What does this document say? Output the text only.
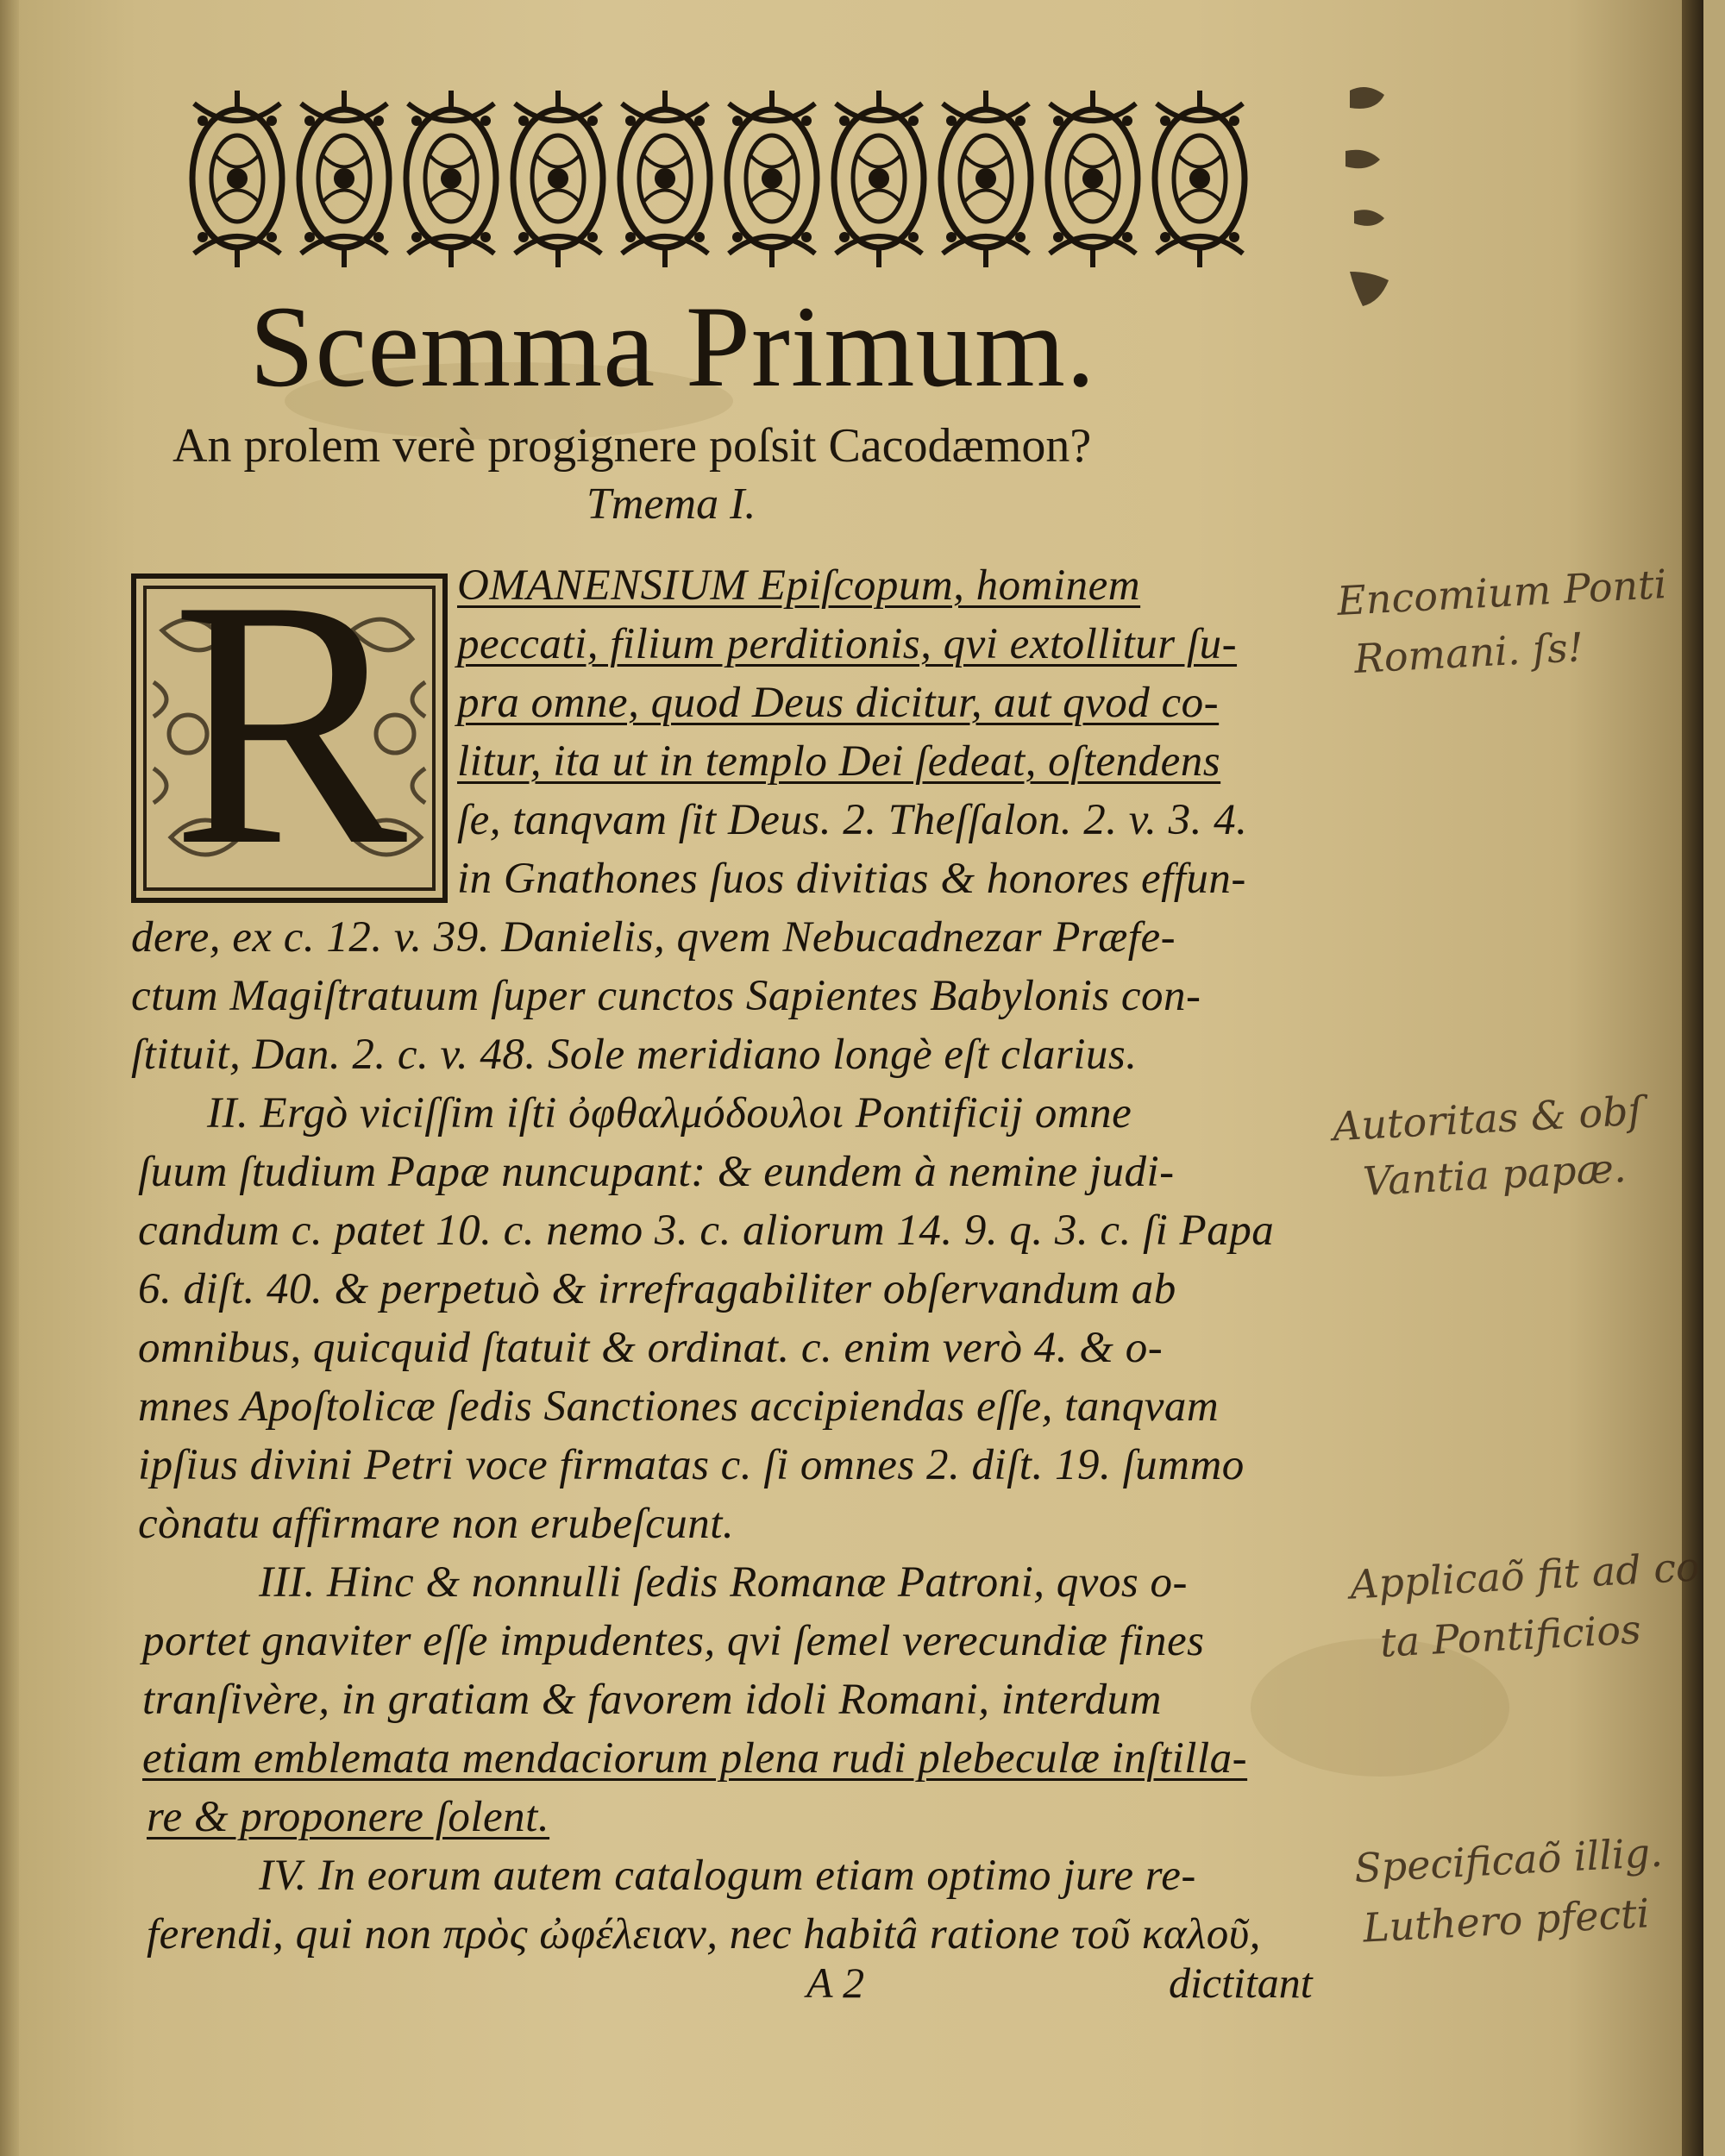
Scemma Primum.
An prolem verè progignere poſsit Cacodæmon?
Tmema I.
R	OMANENSIUM Epiſcopum, hominem
peccati, filium perditionis, qvi extollitur ſu-
pra omne, quod Deus dicitur, aut qvod co-
litur, ita ut in templo Dei ſedeat, oſtendens
ſe, tanqvam ſit Deus. 2. Theſſalon. 2. v. 3. 4.
in Gnathones ſuos divitias & honores effun-
dere, ex c. 12. v. 39. Danielis, qvem Nebucadnezar Præfe-
ctum Magiſtratuum ſuper cunctos Sapientes Babylonis con-
ſtituit, Dan. 2. c. v. 48. Sole meridiano longè eſt clarius.
II. Ergò viciſſim iſti ὀφθαλμόδουλοι Pontificij omne
ſuum ſtudium Papæ nuncupant: & eundem à nemine judi-
candum c. patet 10. c. nemo 3. c. aliorum 14. 9. q. 3. c. ſi Papa
6. diſt. 40. & perpetuò & irrefragabiliter obſervandum ab
omnibus, quicquid ſtatuit & ordinat. c. enim verò 4. & o-
mnes Apoſtolicæ ſedis Sanctiones accipiendas eſſe, tanqvam
ipſius divini Petri voce firmatas c. ſi omnes 2. diſt. 19. ſummo
cònatu affirmare non erubeſcunt.
III. Hinc & nonnulli ſedis Romanæ Patroni, qvos o-
portet gnaviter eſſe impudentes, qvi ſemel verecundiæ fines
tranſivère, in gratiam & favorem idoli Romani, interdum
etiam emblemata mendaciorum plena rudi plebeculæ inſtilla-
re & proponere ſolent.
IV. In eorum autem catalogum etiam optimo jure re-
ferendi, qui non πρὸς ὠφέλειαν, nec habitâ ratione τοῦ καλοῦ,
Encomium Ponti
Romani. ſs!
Autoritas & obſ
Vantia papæ.
Applicaõ fit ad co
ta Pontificios
Specificaõ illig.
Luthero pfecti
A 2	dictitant
